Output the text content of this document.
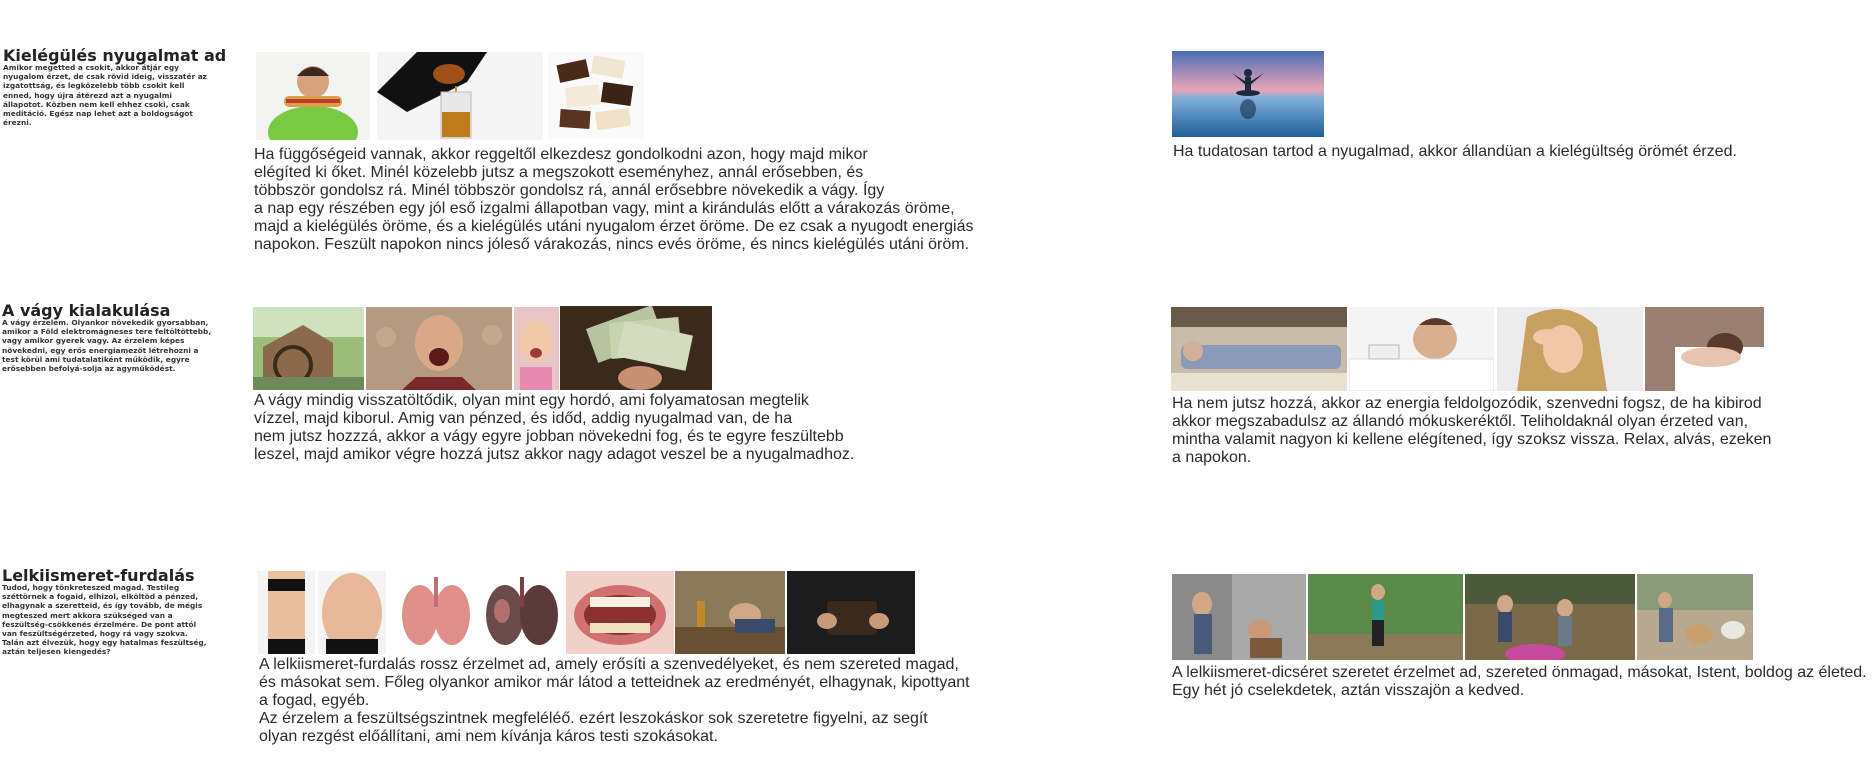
Kielégülés nyugalmat ad
Amikor megetted a csokit, akkor átjár egy nyugalom érzet, de csak rövid ideig, visszatér az izgatottság, és legközelebb több csokit kell enned, hogy újra átérezd azt a nyugalmi állapotot. Közben nem kell ehhez csoki, csak meditáció. Egész nap lehet azt a boldogságot érezni.
Ha függőségeid vannak, akkor reggeltől elkezdesz gondolkodni azon, hogy majd mikor
elégíted ki őket. Minél közelebb jutsz a megszokott eseményhez, annál erősebben, és
többször gondolsz rá. Minél többször gondolsz rá, annál erősebbre növekedik a vágy. Így
a nap egy részében egy jól eső izgalmi állapotban vagy, mint a kirándulás előtt a várakozás öröme,
majd a kielégülés öröme, és a kielégülés utáni nyugalom érzet öröme. De ez csak a nyugodt energiás
napokon. Feszült napokon nincs jólеső várakozás, nincs evés öröme, és nincs kielégülés utáni öröm.
Ha tudatosan tartod a nyugalmad, akkor állandüan a kielégültség örömét érzed.
A vágy kialakulása
A vágy érzelem. Olyankor növekedik gyorsabban, amikor a Föld elektromágneses tere feltöltöttebb, vagy amikor gyerek vagy. Az érzelem képes növekedni, egy erős energiamezőt létrehozni a test körül ami tudatalatiként működik, egyre erősebben befolyá-solja az agyműködést.
A vágy mindig visszatöltődik, olyan mint egy hordó, ami folyamatosan megtelik
vízzel, majd kiborul. Amig van pénzed, és időd, addig nyugalmad van, de ha
nem jutsz hozzzá, akkor a vágy egyre jobban növekedni fog, és te egyre feszültebb
leszel, majd amikor végre hozzá jutsz akkor nagy adagot veszel be a nyugalmadhoz.
Ha nem jutsz hozzá, akkor az energia feldolgozódik, szenvedni fogsz, de ha kibirod
akkor megszabadulsz az állandó mókuskeréktől. Teliholdaknál olyan érzeted van,
mintha valamit nagyon ki kellene elégítened, így szoksz vissza. Relax, alvás, ezeken
a napokon.
Lelkiismeret-furdalás
Tudod, hogy tönkreteszed magad. Testileg széttörnek a fogaid, elhizol, elköltöd a pénzed, elhagynak a szeretteid, és így tovább, de mégis megteszed mert akkora szükséged van a feszültség-csökkenés érzelmére. De pont attól van feszültségérzeted, hogy rá vagy szokva. Talán azt élvezük, hogy egy hatalmas feszültség, aztán teljesen kiengedés?
A lelkiismeret-furdalás rossz érzelmet ad, amely erősíti a szenvedélyeket, és nem szereted magad,
és másokat sem. Főleg olyankor amikor már látod a tetteidnek az eredményét, elhagynak, kipottyant
a fogad, egyéb.
Az érzelem a feszültségszintnek megfeléléő. ezért leszokáskor sok szeretetre figyelni, az segít
olyan rezgést előállítani, ami nem kívánja káros testi szokásokat.
A lelkiismeret-dicséret szeretet érzelmet ad, szereted önmagad, másokat, Istent, boldog az életed.
Egy hét jó cselekdetek, aztán visszajön a kedved.
